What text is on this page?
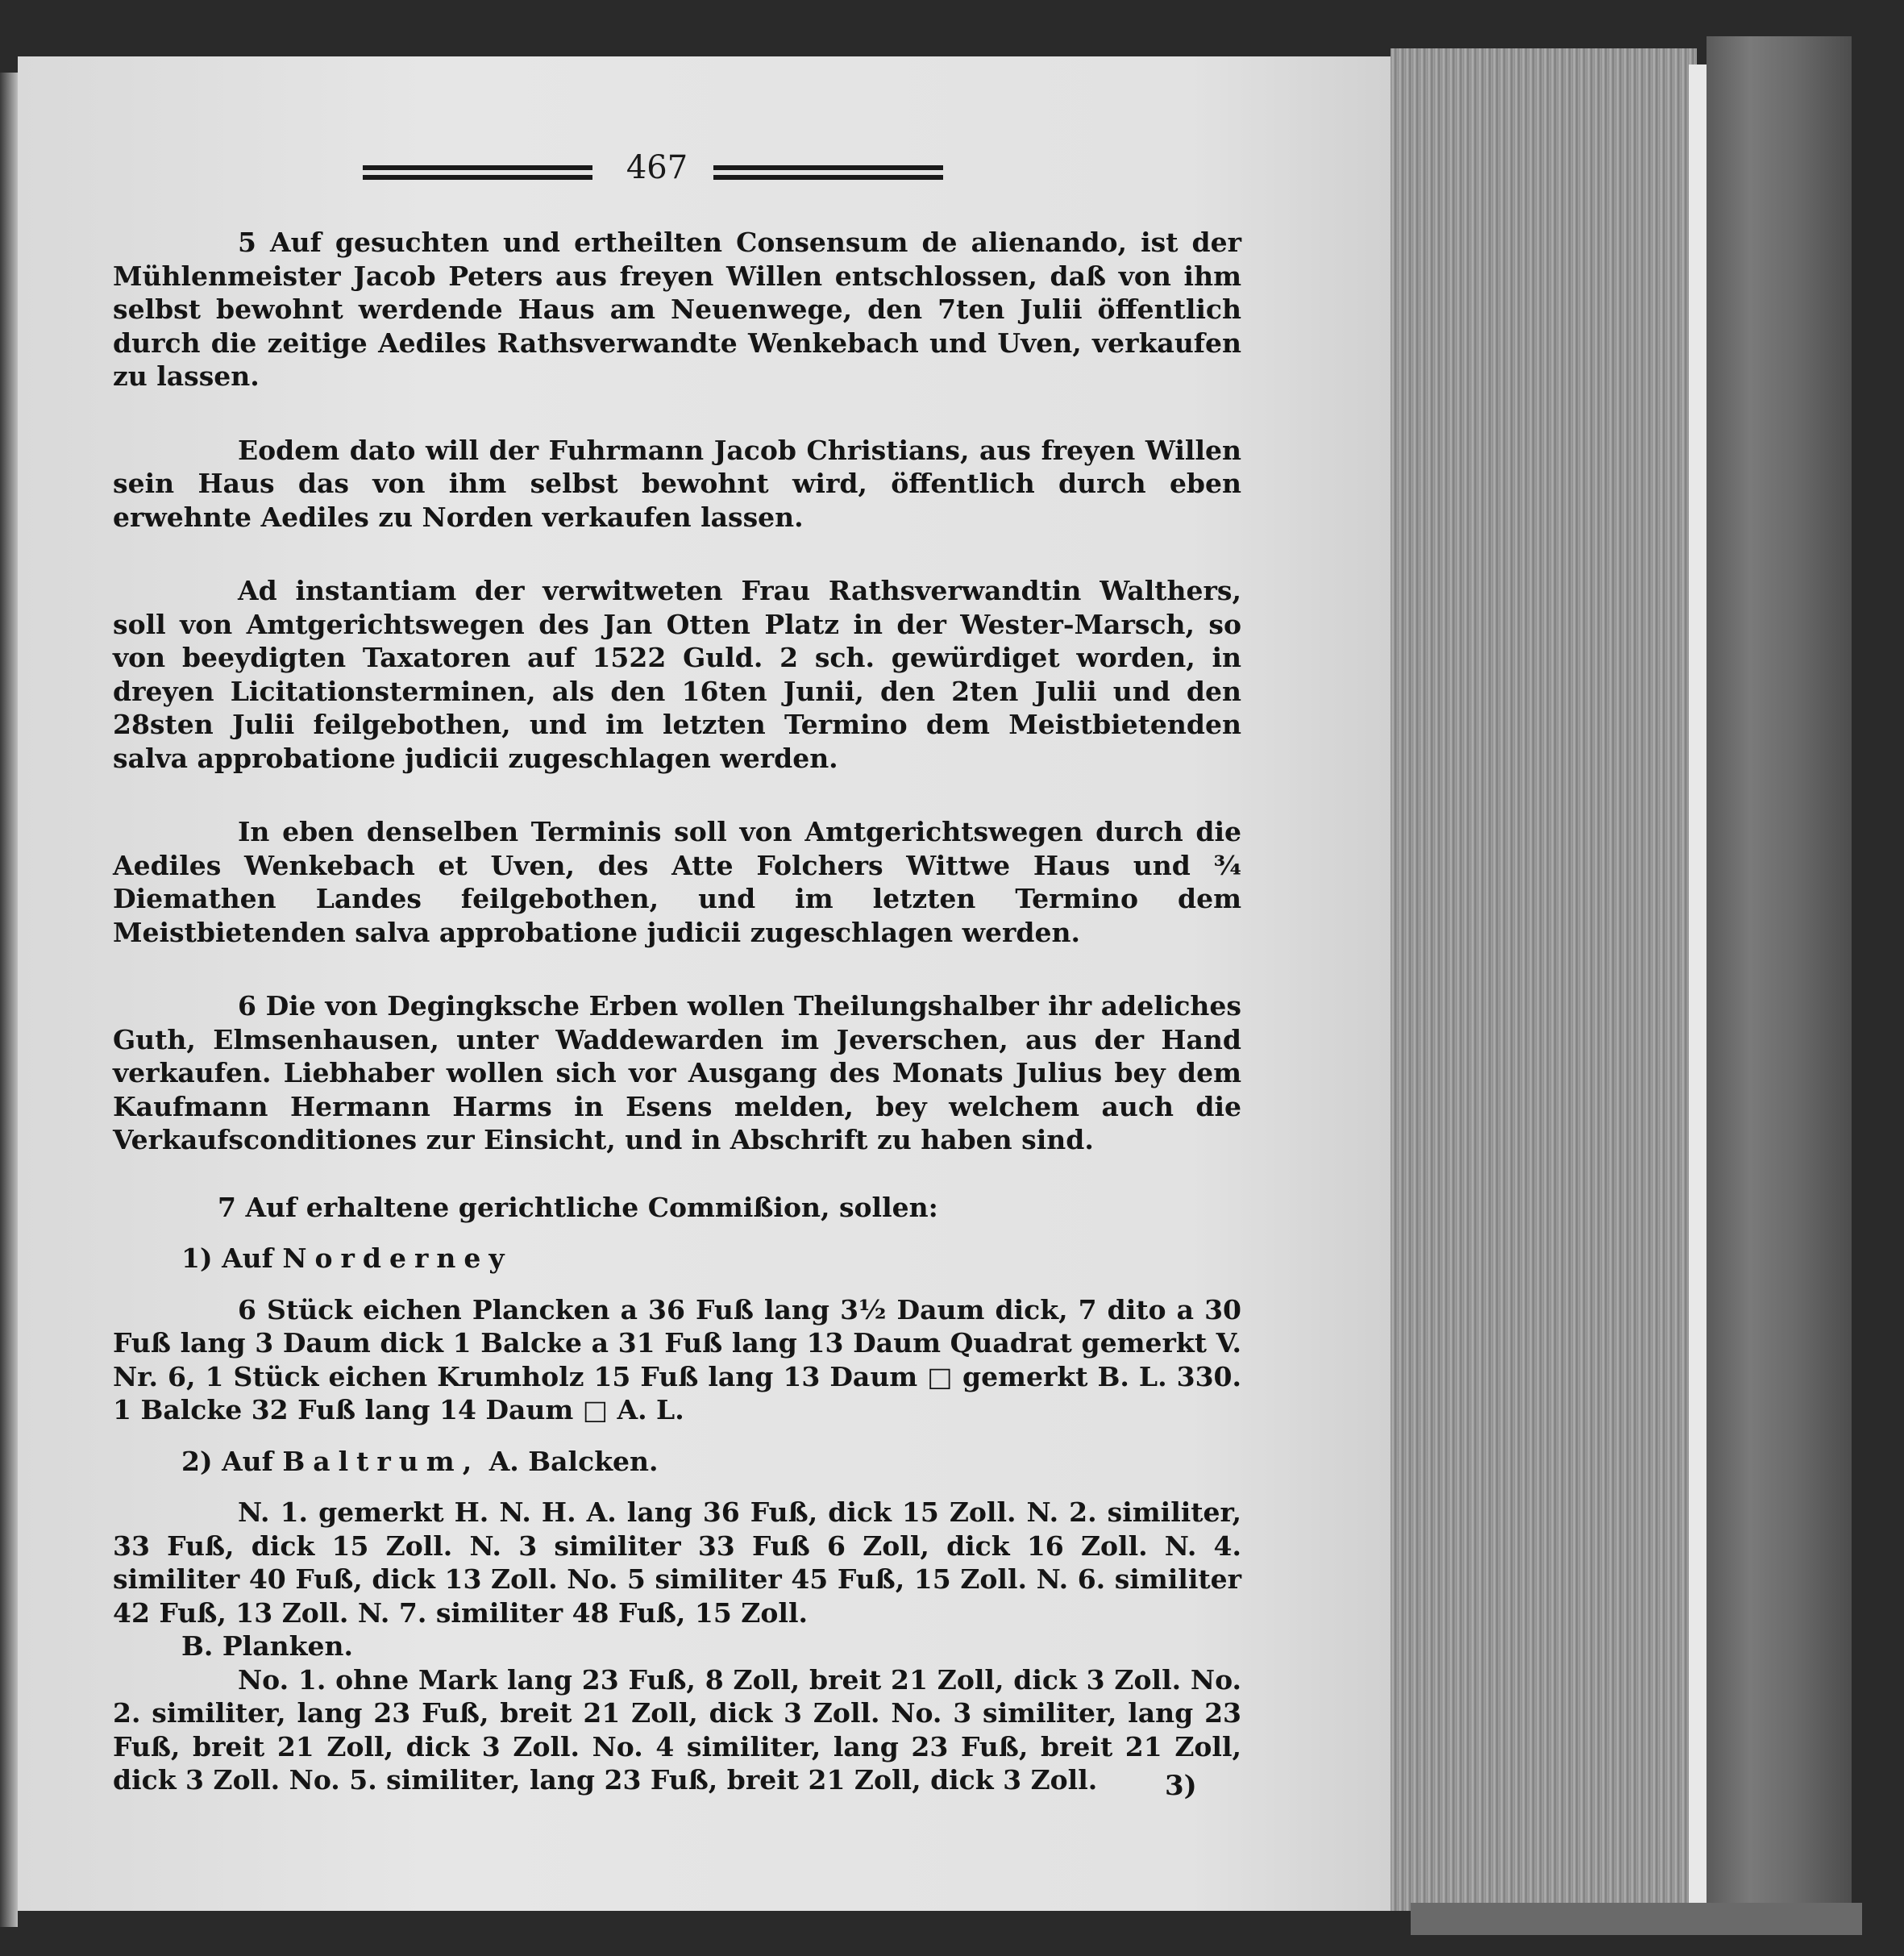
467

5 Auf gesuchten und ertheilten Consensum de alienando, ist der Mühlenmeister Jacob Peters aus freyen Willen entschlossen, daß von ihm selbst bewohnt werdende Haus am Neuenwege, den 7ten Julii öffentlich durch die zeitige Aediles Rathsverwandte Wenkebach und Uven, verkaufen zu lassen.

Eodem dato will der Fuhrmann Jacob Christians, aus freyen Willen sein Haus das von ihm selbst bewohnt wird, öffentlich durch eben erwehnte Aediles zu Norden verkaufen lassen.

Ad instantiam der verwitweten Frau Rathsverwandtin Walthers, soll von Amtgerichtswegen des Jan Otten Platz in der Wester-Marsch, so von beeydigten Taxatoren auf 1522 Guld. 2 sch. gewürdiget worden, in dreyen Licitationsterminen, als den 16ten Junii, den 2ten Julii und den 28sten Julii feilgebothen, und im letzten Termino dem Meistbietenden salva approbatione judicii zugeschlagen werden.

In eben denselben Terminis soll von Amtgerichtswegen durch die Aediles Wenkebach et Uven, des Atte Folchers Wittwe Haus und ¾ Diemathen Landes feilgebothen, und im letzten Termino dem Meistbietenden salva approbatione judicii zugeschlagen werden.

6 Die von Degingksche Erben wollen Theilungshalber ihr adeliches Guth, Elmsenhausen, unter Waddewarden im Jeverschen, aus der Hand verkaufen. Liebhaber wollen sich vor Ausgang des Monats Julius bey dem Kaufmann Hermann Harms in Esens melden, bey welchem auch die Verkaufsconditiones zur Einsicht, und in Abschrift zu haben sind.

7 Auf erhaltene gerichtliche Commißion, sollen:

1) Auf Norderney

6 Stück eichen Plancken a 36 Fuß lang 3½ Daum dick, 7 dito a 30 Fuß lang 3 Daum dick 1 Balcke a 31 Fuß lang 13 Daum Quadrat gemerkt V. Nr. 6, 1 Stück eichen Krumholz 15 Fuß lang 13 Daum □ gemerkt B. L. 330. 1 Balcke 32 Fuß lang 14 Daum □ A. L.

2) Auf Baltrum, A. Balcken.

N. 1. gemerkt H. N. H. A. lang 36 Fuß, dick 15 Zoll. N. 2. similiter, 33 Fuß, dick 15 Zoll. N. 3 similiter 33 Fuß 6 Zoll, dick 16 Zoll. N. 4. similiter 40 Fuß, dick 13 Zoll. No. 5 similiter 45 Fuß, 15 Zoll. N. 6. similiter 42 Fuß, 13 Zoll. N. 7. similiter 48 Fuß, 15 Zoll.

B. Planken.

No. 1. ohne Mark lang 23 Fuß, 8 Zoll, breit 21 Zoll, dick 3 Zoll. No. 2. similiter, lang 23 Fuß, breit 21 Zoll, dick 3 Zoll. No. 3 similiter, lang 23 Fuß, breit 21 Zoll, dick 3 Zoll. No. 4 similiter, lang 23 Fuß, breit 21 Zoll, dick 3 Zoll. No. 5. similiter, lang 23 Fuß, breit 21 Zoll, dick 3 Zoll.	3)
